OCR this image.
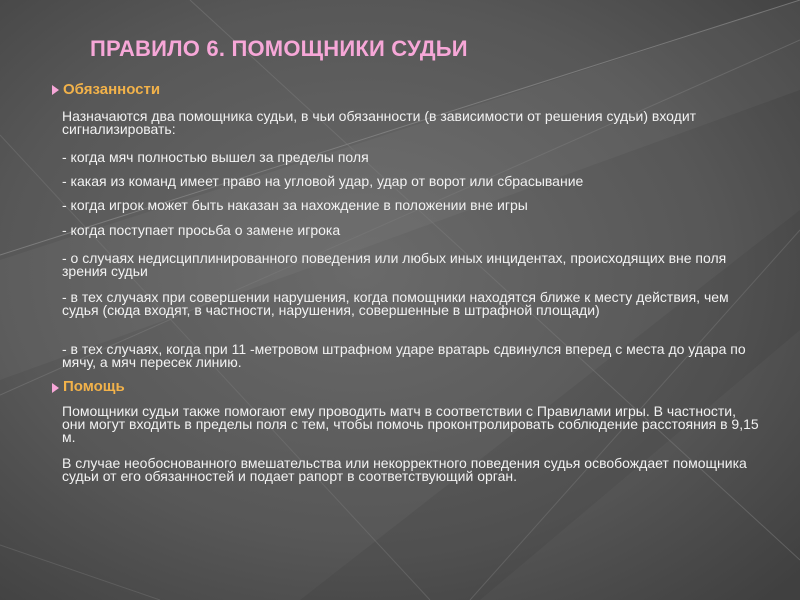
ПРАВИЛО 6. ПОМОЩНИКИ СУДЬИ
Обязанности

Назначаются два помощника судьи, в чьи обязанности (в зависимости от решения судьи) входит сигнализировать:

- когда мяч полностью вышел за пределы поля

- какая из команд имеет право на угловой удар, удар от ворот или сбрасывание

- когда игрок может быть наказан за нахождение в положении вне игры

- когда поступает просьба о замене игрока

- о случаях недисциплинированного поведения или любых иных инцидентах, происходящих вне поля зрения судьи

- в тех случаях при совершении нарушения, когда помощники находятся ближе к месту действия, чем судья (сюда входят, в частности, нарушения, совершенные в штрафной площади)

- в тех случаях, когда при 11 -метровом штрафном ударе вратарь сдвинулся вперед с места до удара по мячу, а мяч пересек линию.

Помощь

Помощники судьи также помогают ему проводить матч в соответствии с Правилами игры. В частности, они могут входить в пределы поля с тем, чтобы помочь проконтролировать соблюдение расстояния в 9,15 м.

В случае необоснованного вмешательства или некорректного поведения судья освобождает помощника судьи от его обязанностей и подает рапорт в соответствующий орган.
